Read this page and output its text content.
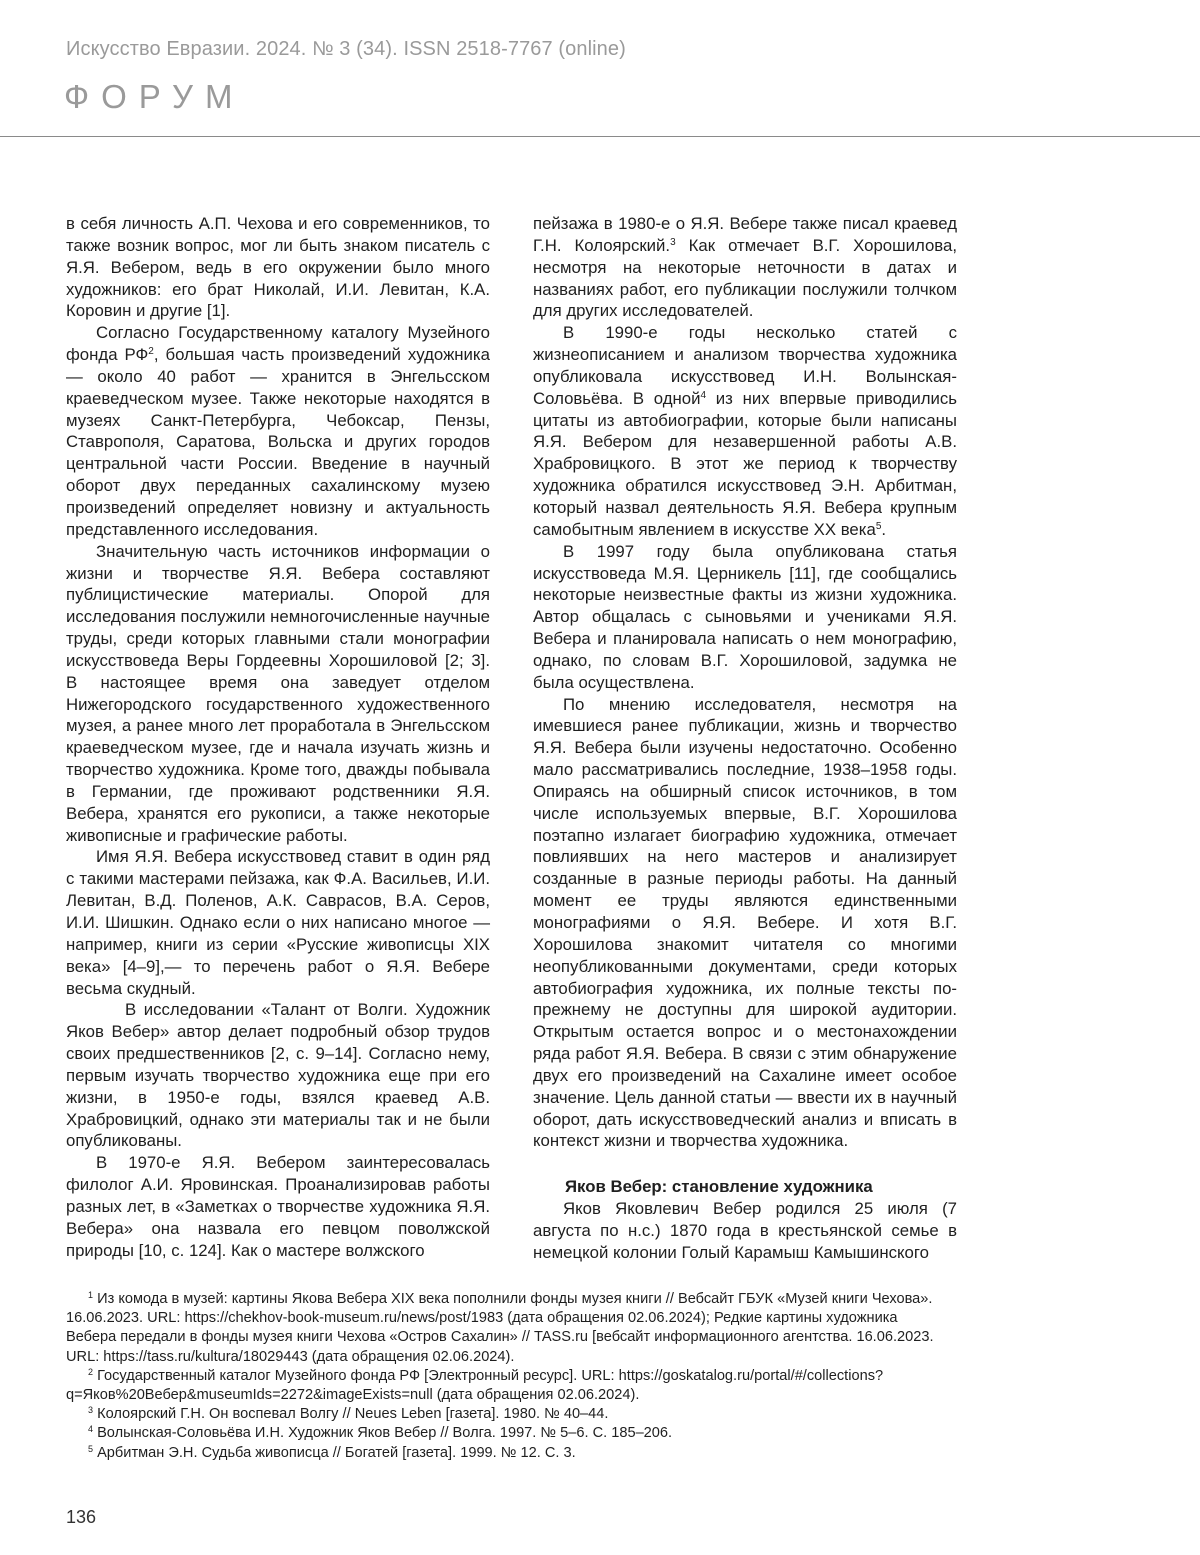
Искусство Евразии. 2024. № 3 (34). ISSN 2518-7767 (online)
ФОРУМ

в себя личность А.П. Чехова и его современников, то также возник вопрос, мог ли быть знаком писатель с Я.Я. Вебером, ведь в его окружении было много художников: его брат Николай, И.И. Левитан, К.А. Коровин и другие [1].

Согласно Государственному каталогу Музейного фонда $РФ^2$, большая часть произведений художника — около 40 работ — хранится в Энгельсском краеведческом музее. Также некоторые находятся в музеях Санкт-Петербурга, Чебоксар, Пензы, Ставрополя, Саратова, Вольска и других городов центральной части России. Введение в научный оборот двух переданных сахалинскому музею произведений определяет новизну и актуальность представленного исследования.

Значительную часть источников информации о жизни и творчестве Я.Я. Вебера составляют публицистические материалы. Опорой для исследования послужили немногочисленные научные труды, среди которых главными стали монографии искусствоведа Веры Гордеевны Хорошиловой [2; 3]. В настоящее время она заведует отделом Нижегородского государственного художественного музея, а ранее много лет проработала в Энгельсском краеведческом музее, где и начала изучать жизнь и творчество художника. Кроме того, дважды побывала в Германии, где проживают родственники Я.Я. Вебера, хранятся его рукописи, а также некоторые живописные и графические работы.

Имя Я.Я. Вебера искусствовед ставит в один ряд с такими мастерами пейзажа, как Ф.А. Васильев, И.И. Левитан, В.Д. Поленов, А.К. Саврасов, В.А. Серов, И.И. Шишкин. Однако если о них написано многое — например, книги из серии «Русские живописцы XIX века» [4–9],— то перечень работ о Я.Я. Вебере весьма скудный.

В исследовании «Талант от Волги. Художник Яков Вебер» автор делает подробный обзор трудов своих предшественников [2, с. 9–14]. Согласно нему, первым изучать творчество художника еще при его жизни, в 1950-е годы, взялся краевед А.В. Храбровицкий, однако эти материалы так и не были опубликованы.

В 1970-е Я.Я. Вебером заинтересовалась филолог А.И. Яровинская. Проанализировав работы разных лет, в «Заметках о творчестве художника Я.Я. Вебера» она назвала его певцом поволжской природы [10, с. 124]. Как о мастере волжского

пейзажа в 1980-е о Я.Я. Вебере также писал краевед Г.Н. Колоярский.$^3$ Как отмечает В.Г. Хорошилова, несмотря на некоторые неточности в датах и названиях работ, его публикации послужили толчком для других исследователей.

В 1990-е годы несколько статей с жизнеописанием и анализом творчества художника опубликовала искусствовед И.Н. Волынская-Соловьёва. В одной$^4$ из них впервые приводились цитаты из автобиографии, которые были написаны Я.Я. Вебером для незавершенной работы А.В. Храбровицкого. В этот же период к творчеству художника обратился искусствовед Э.Н. Арбитман, который назвал деятельность Я.Я. Вебера крупным самобытным явлением в искусстве XX века$^5$.

В 1997 году была опубликована статья искусствоведа М.Я. Церникель [11], где сообщались некоторые неизвестные факты из жизни художника. Автор общалась с сыновьями и учениками Я.Я. Вебера и планировала написать о нем монографию, однако, по словам В.Г. Хорошиловой, задумка не была осуществлена.

По мнению исследователя, несмотря на имевшиеся ранее публикации, жизнь и творчество Я.Я. Вебера были изучены недостаточно. Особенно мало рассматривались последние, 1938–1958 годы. Опираясь на обширный список источников, в том числе используемых впервые, В.Г. Хорошилова поэтапно излагает биографию художника, отмечает повлиявших на него мастеров и анализирует созданные в разные периоды работы. На данный момент ее труды являются единственными монографиями о Я.Я. Вебере. И хотя В.Г. Хорошилова знакомит читателя со многими неопубликованными документами, среди которых автобиография художника, их полные тексты по-прежнему не доступны для широкой аудитории. Открытым остается вопрос и о местонахождении ряда работ Я.Я. Вебера. В связи с этим обнаружение двух его произведений на Сахалине имеет особое значение. Цель данной статьи — ввести их в научный оборот, дать искусствоведческий анализ и вписать в контекст жизни и творчества художника.

Яков Вебер: становление художника

Яков Яковлевич Вебер родился 25 июля (7 августа по н.с.) 1870 года в крестьянской семье в немецкой колонии Голый Карамыш Камышинского

$^1$ Из комода в музей: картины Якова Вебера XIX века пополнили фонды музея книги // Вебсайт ГБУК «Музей книги Чехова». 16.06.2023. URL: https://chekhov-book-museum.ru/news/post/1983 (дата обращения 02.06.2024); Редкие картины художника Вебера передали в фонды музея книги Чехова «Остров Сахалин» // TASS.ru [вебсайт информационного агентства. 16.06.2023. URL: https://tass.ru/kultura/18029443 (дата обращения 02.06.2024).

$^2$ Государственный каталог Музейного фонда РФ [Электронный ресурс]. URL: https://goskatalog.ru/portal/#/collections?q=Яков%20Вебер&museumIds=2272&imageExists=null (дата обращения 02.06.2024).

$^3$ Колоярский Г.Н. Он воспевал Волгу // Neues Leben [газета]. 1980. № 40–44.

$^4$ Волынская-Соловьёва И.Н. Художник Яков Вебер // Волга. 1997. № 5–6. С. 185–206.

$^5$ Арбитман Э.Н. Судьба живописца // Богатей [газета]. 1999. № 12. С. 3.

136
